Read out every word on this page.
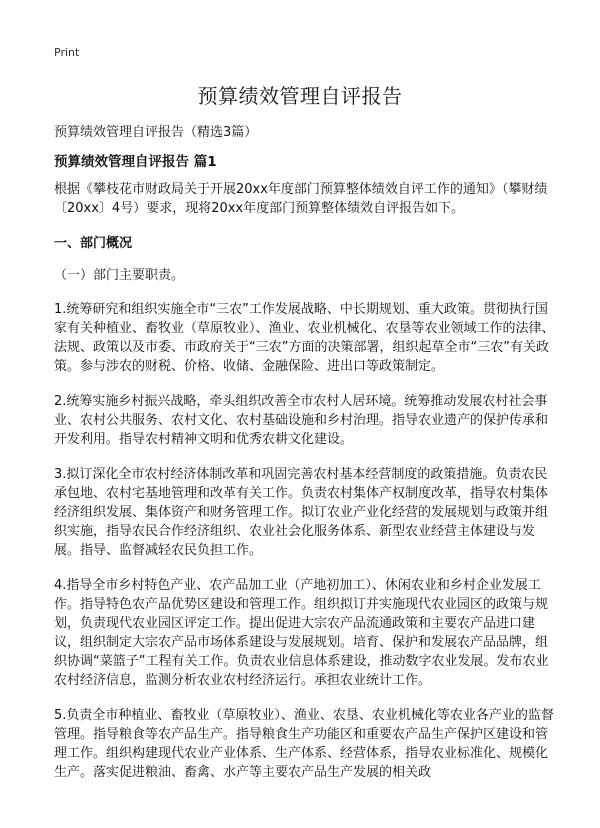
Print
预算绩效管理自评报告

预算绩效管理自评报告（精选3篇）

预算绩效管理自评报告 篇1

根据《攀枝花市财政局关于开展20xx年度部门预算整体绩效自评工作的通知》（攀财绩〔20xx〕4号）要求，现将20xx年度部门预算整体绩效自评报告如下。

一、部门概况

（一）部门主要职责。

1.统筹研究和组织实施全市“三农”工作发展战略、中长期规划、重大政策。贯彻执行国家有关种植业、畜牧业（草原牧业）、渔业、农业机械化、农垦等农业领域工作的法律、法规、政策以及市委、市政府关于“三农”方面的决策部署，组织起草全市“三农”有关政策。参与涉农的财税、价格、收储、金融保险、进出口等政策制定。

2.统筹实施乡村振兴战略，牵头组织改善全市农村人居环境。统筹推动发展农村社会事业、农村公共服务、农村文化、农村基础设施和乡村治理。指导农业遗产的保护传承和开发利用。指导农村精神文明和优秀农耕文化建设。

3.拟订深化全市农村经济体制改革和巩固完善农村基本经营制度的政策措施。负责农民承包地、农村宅基地管理和改革有关工作。负责农村集体产权制度改革，指导农村集体经济组织发展、集体资产和财务管理工作。拟订农业产业化经营的发展规划与政策并组织实施，指导农民合作经济组织、农业社会化服务体系、新型农业经营主体建设与发展。指导、监督减轻农民负担工作。

4.指导全市乡村特色产业、农产品加工业（产地初加工）、休闲农业和乡村企业发展工作。指导特色农产品优势区建设和管理工作。组织拟订并实施现代农业园区的政策与规划，负责现代农业园区评定工作。提出促进大宗农产品流通政策和主要农产品进口建议，组织制定大宗农产品市场体系建设与发展规划。培育、保护和发展农产品品牌，组织协调“菜篮子”工程有关工作。负责农业信息体系建设，推动数字农业发展。发布农业农村经济信息，监测分析农业农村经济运行。承担农业统计工作。

5.负责全市种植业、畜牧业（草原牧业）、渔业、农垦、农业机械化等农业各产业的监督管理。指导粮食等农产品生产。指导粮食生产功能区和重要农产品生产保护区建设和管理工作。组织构建现代农业产业体系、生产体系、经营体系，指导农业标准化、规模化生产。落实促进粮油、畜禽、水产等主要农产品生产发展的相关政
